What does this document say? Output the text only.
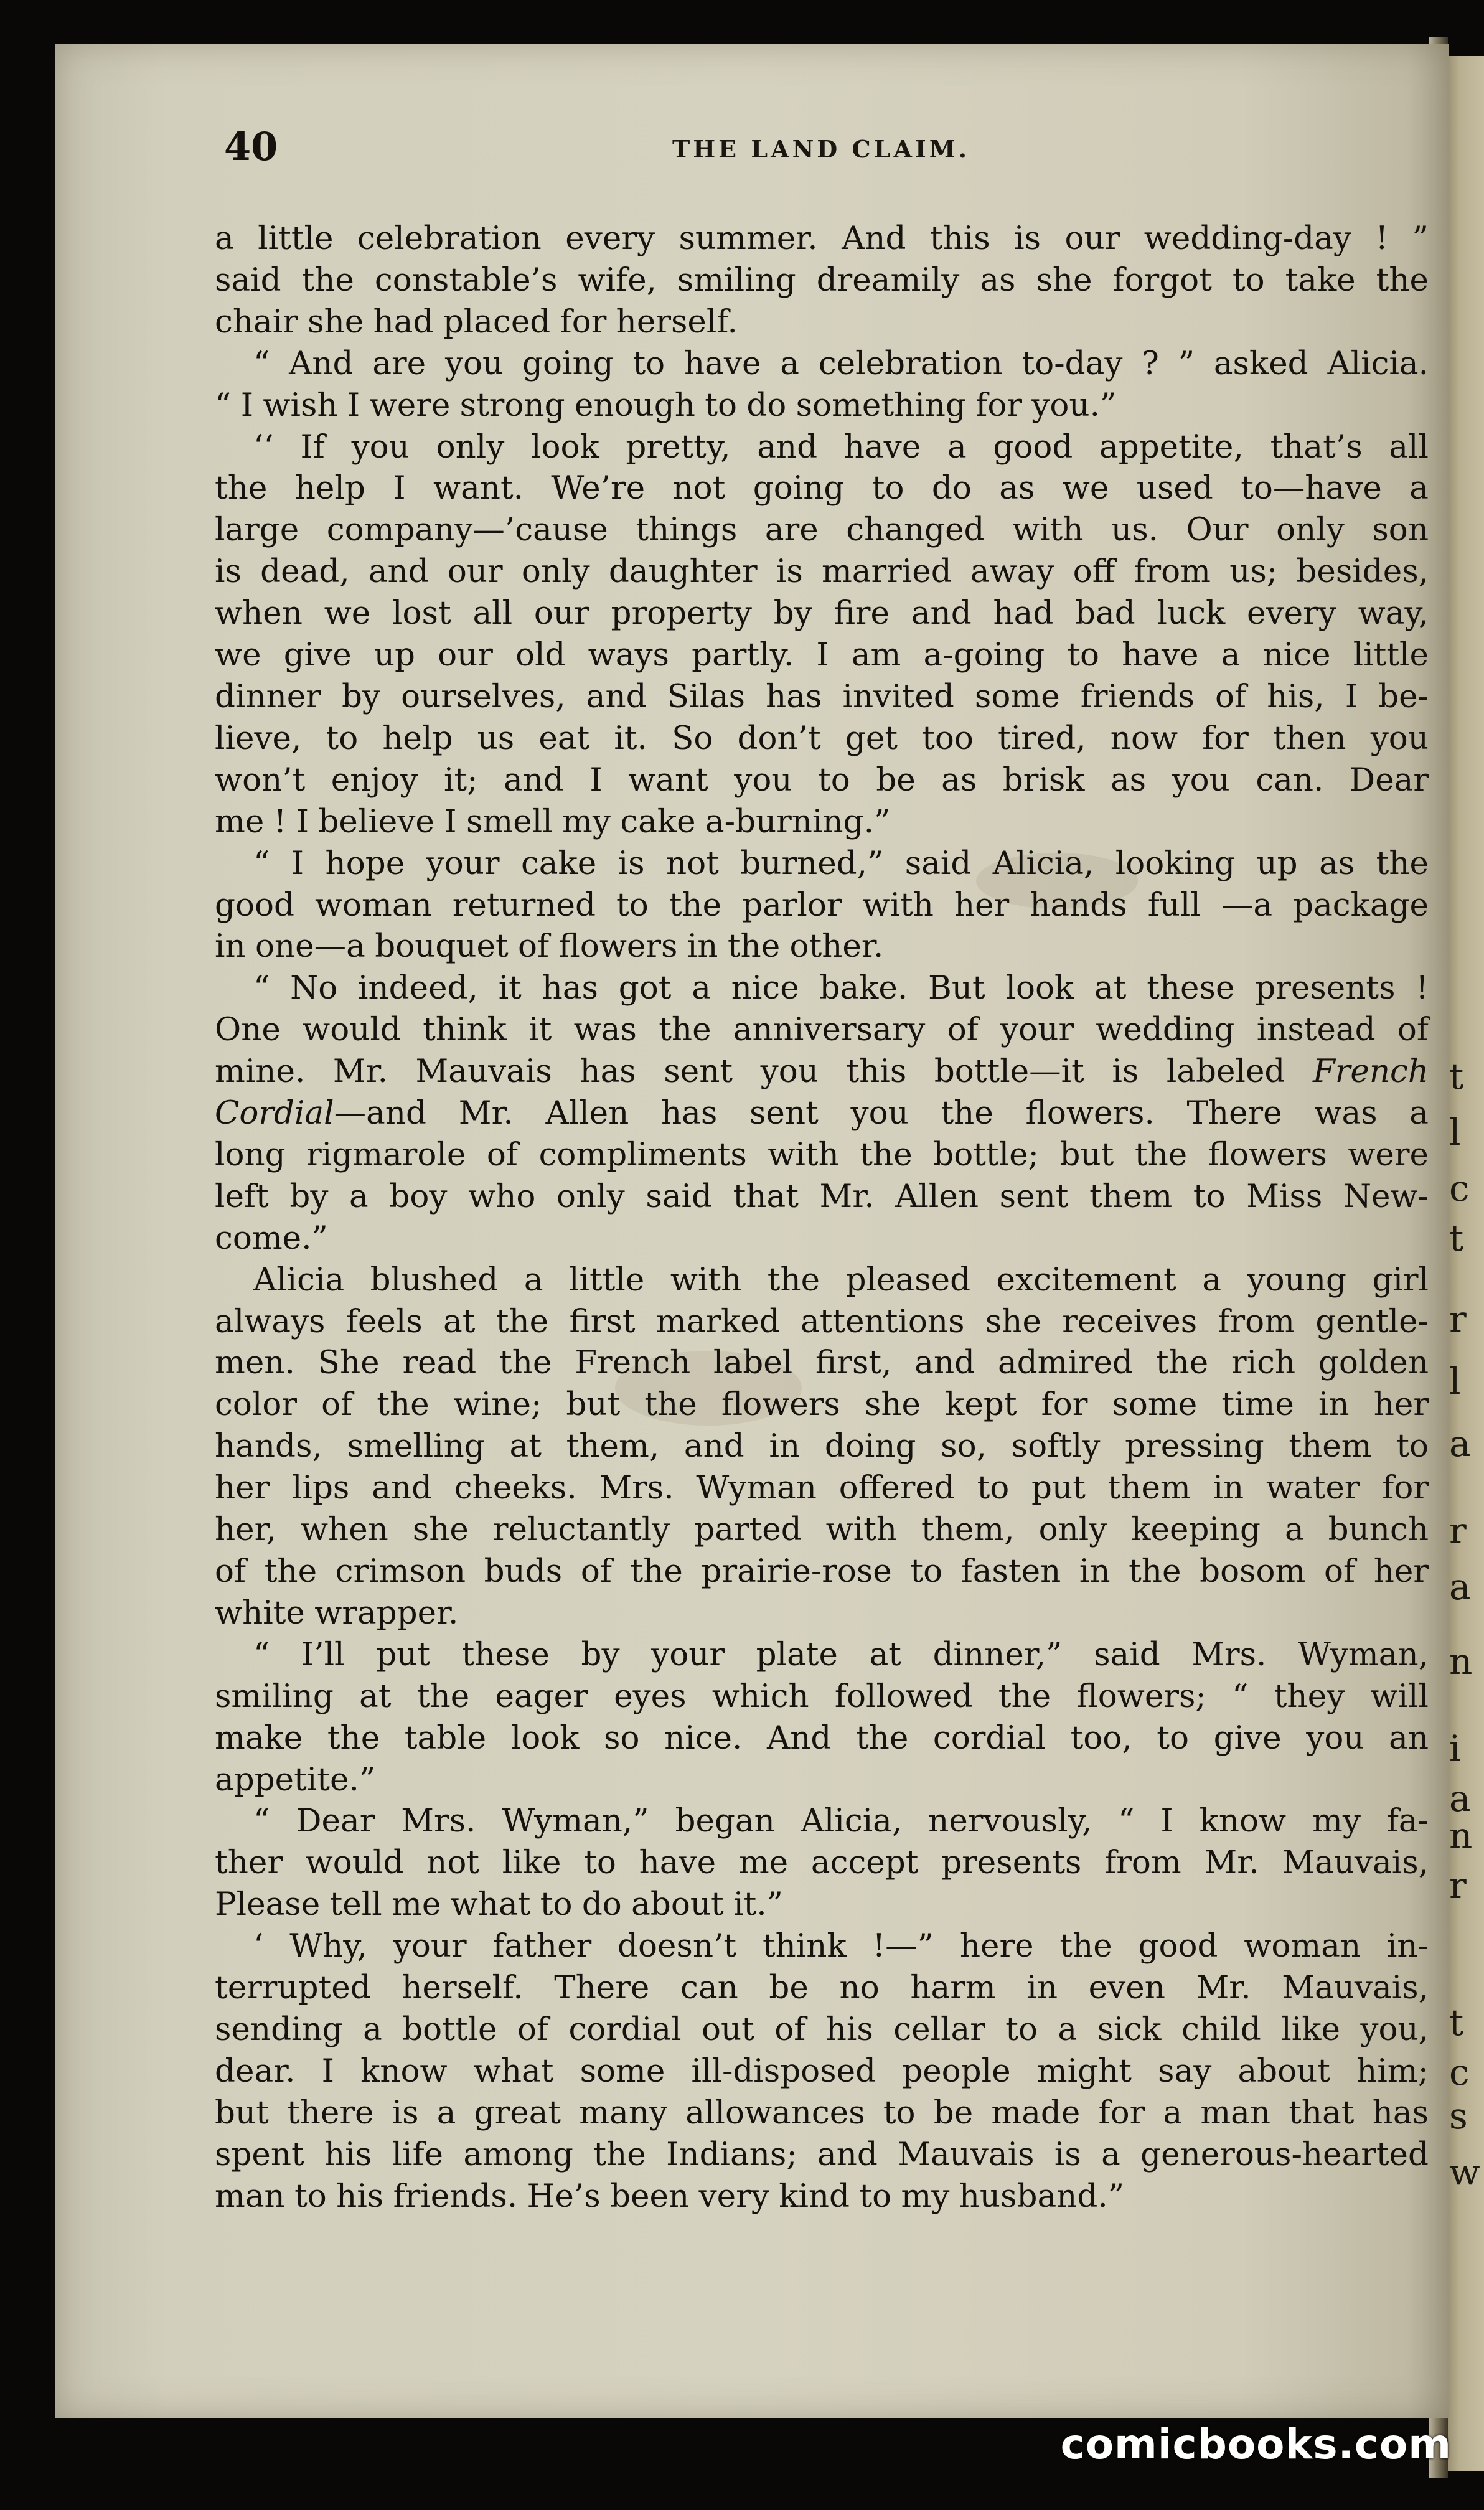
t
l
c
t
r
l
a
r
a
n
i
a
n
r
t
c
s
w
40	THE LAND CLAIM.
a little celebration every summer. And this is our wedding-day ! ”
said the constable’s wife, smiling dreamily as she forgot to take the
chair she had placed for herself.
“ And are you going to have a celebration to-day ? ” asked Alicia.
“ I wish I were strong enough to do something for you.”
‘‘ If you only look pretty, and have a good appetite, that’s all
the help I want. We’re not going to do as we used to—have a
large company—’cause things are changed with us. Our only son
is dead, and our only daughter is married away off from us; besides,
when we lost all our property by fire and had bad luck every way,
we give up our old ways partly. I am a-going to have a nice little
dinner by ourselves, and Silas has invited some friends of his, I be-
lieve, to help us eat it. So don’t get too tired, now for then you
won’t enjoy it; and I want you to be as brisk as you can. Dear
me ! I believe I smell my cake a-burning.”
“ I hope your cake is not burned,” said Alicia, looking up as the
good woman returned to the parlor with her hands full —a package
in one—a bouquet of flowers in the other.
“ No indeed, it has got a nice bake. But look at these presents !
One would think it was the anniversary of your wedding instead of
mine. Mr. Mauvais has sent you this bottle—it is labeled French
Cordial—and Mr. Allen has sent you the flowers. There was a
long rigmarole of compliments with the bottle; but the flowers were
left by a boy who only said that Mr. Allen sent them to Miss New-
come.”
Alicia blushed a little with the pleased excitement a young girl
always feels at the first marked attentions she receives from gentle-
men. She read the French label first, and admired the rich golden
color of the wine; but the flowers she kept for some time in her
hands, smelling at them, and in doing so, softly pressing them to
her lips and cheeks. Mrs. Wyman offered to put them in water for
her, when she reluctantly parted with them, only keeping a bunch
of the crimson buds of the prairie-rose to fasten in the bosom of her
white wrapper.
“ I’ll put these by your plate at dinner,” said Mrs. Wyman,
smiling at the eager eyes which followed the flowers; “ they will
make the table look so nice. And the cordial too, to give you an
appetite.”
“ Dear Mrs. Wyman,” began Alicia, nervously, “ I know my fa-
ther would not like to have me accept presents from Mr. Mauvais,
Please tell me what to do about it.”
‘ Why, your father doesn’t think !—” here the good woman in-
terrupted herself. There can be no harm in even Mr. Mauvais,
sending a bottle of cordial out of his cellar to a sick child like you,
dear. I know what some ill-disposed people might say about him;
but there is a great many allowances to be made for a man that has
spent his life among the Indians; and Mauvais is a generous-hearted
man to his friends. He’s been very kind to my husband.”
comicbooks.com
